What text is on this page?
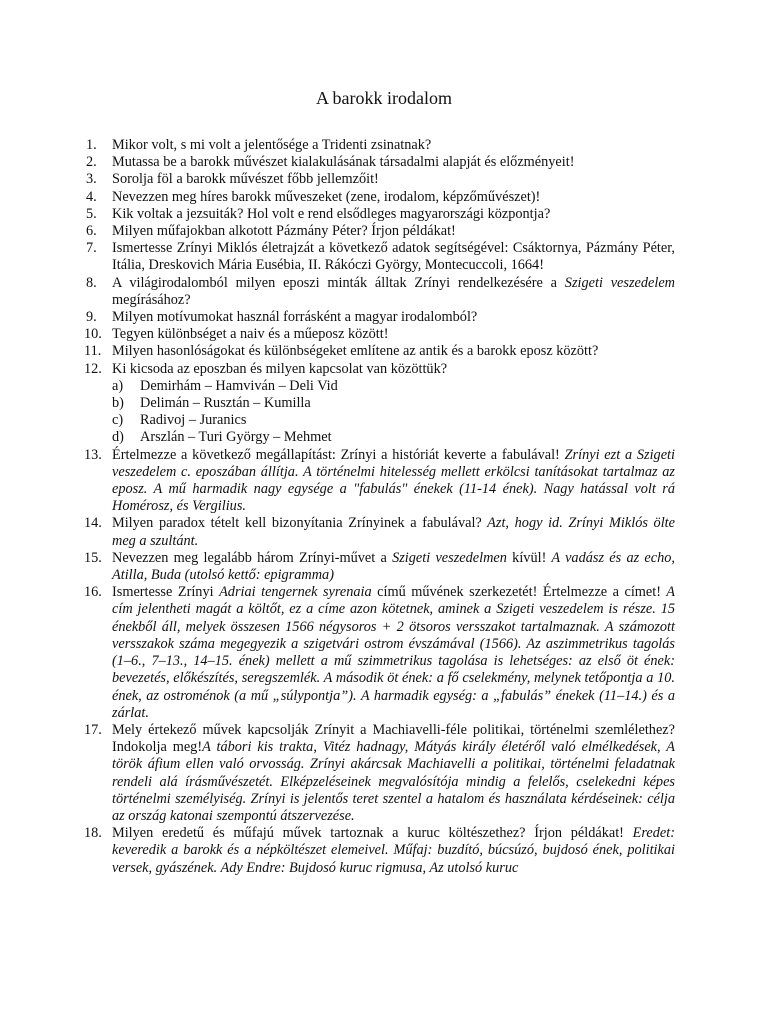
A barokk irodalom
1.	Mikor volt, s mi volt a jelentősége a Tridenti zsinatnak?
2.	Mutassa be a barokk művészet kialakulásának társadalmi alapját és előzményeit!
3.	Sorolja föl a barokk művészet főbb jellemzőit!
4.	Nevezzen meg híres barokk műveszeket (zene, irodalom, képzőművészet)!
5.	Kik voltak a jezsuiták? Hol volt e rend elsődleges magyarországi központja?
6.	Milyen műfajokban alkotott Pázmány Péter? Írjon példákat!
7.	Ismertesse Zrínyi Miklós életrajzát a következő adatok segítségével: Csáktornya, Pázmány Péter, Itália, Dreskovich Mária Eusébia, II. Rákóczi György, Montecuccoli, 1664!
8.	A világirodalomból milyen eposzi minták álltak Zrínyi rendelkezésére a Szigeti veszedelem megírásához?
9.	Milyen motívumokat használ forrásként a magyar irodalomból?
10. Tegyen különbséget a naiv és a műeposz között!
11. Milyen hasonlóságokat és különbségeket említene az antik és a barokk eposz között?
12. Ki kicsoda az eposzban és milyen kapcsolat van közöttük?
a) Demirhám – Hamviván – Deli Vid
b) Delimán – Rusztán – Kumilla
c) Radivoj – Juranics
d) Arszlán – Turi György – Mehmet
13. Értelmezze a következő megállapítást: Zrínyi a históriát keverte a fabulával! Zrínyi ezt a Szigeti veszedelem c. eposzában állítja. A történelmi hitelesség mellett erkölcsi tanításokat tartalmaz az eposz. A mű harmadik nagy egysége a "fabulás" énekek (11-14 ének). Nagy hatással volt rá Homérosz, és Vergilius.
14. Milyen paradox tételt kell bizonyítania Zrínyinek a fabulával? Azt, hogy id. Zrínyi Miklós ölte meg a szultánt.
15. Nevezzen meg legalább három Zrínyi-művet a Szigeti veszedelmen kívül! A vadász és az echo, Atilla, Buda (utolsó kettő: epigramma)
16. Ismertesse Zrínyi Adriai tengernek syrenaia című művének szerkezetét! Értelmezze a címet! A cím jelentheti magát a költőt, ez a címe azon kötetnek, aminek a Szigeti veszedelem is része. 15 énekből áll, melyek összesen 1566 négysoros + 2 ötsoros versszakot tartalmaznak. A számozott versszakok száma megegyezik a szigetvári ostrom évszámával (1566). Az aszimmetrikus tagolás (1–6., 7–13., 14–15. ének) mellett a mű szimmetrikus tagolása is lehetséges: az első öt ének: bevezetés, előkészítés, seregszemlék. A második öt ének: a fő cselekmény, melynek tetőpontja a 10. ének, az ostroménok (a mű „súlypontja”). A harmadik egység: a „fabulás” énekek (11–14.) és a zárlat.
17. Mely értekező művek kapcsolják Zrínyit a Machiavelli-féle politikai, történelmi szemlélethez? Indokolja meg!A tábori kis trakta, Vitéz hadnagy, Mátyás király életéről való elmélkedések, A török áfium ellen való orvosság. Zrínyi akárcsak Machiavelli a politikai, történelmi feladatnak rendeli alá írásművészetét. Elképzeléseinek megvalósítója mindig a felelős, cselekedni képes történelmi személyiség. Zrínyi is jelentős teret szentel a hatalom és használata kérdéseinek: célja az ország katonai szempontú átszervezése.
18. Milyen eredetű és műfajú művek tartoznak a kuruc költészethez? Írjon példákat! Eredet: keveredik a barokk és a népköltészet elemeivel. Műfaj: buzdító, búcsúzó, bujdosó ének, politikai versek, gyászének. Ady Endre: Bujdosó kuruc rigmusa, Az utolsó kuruc
